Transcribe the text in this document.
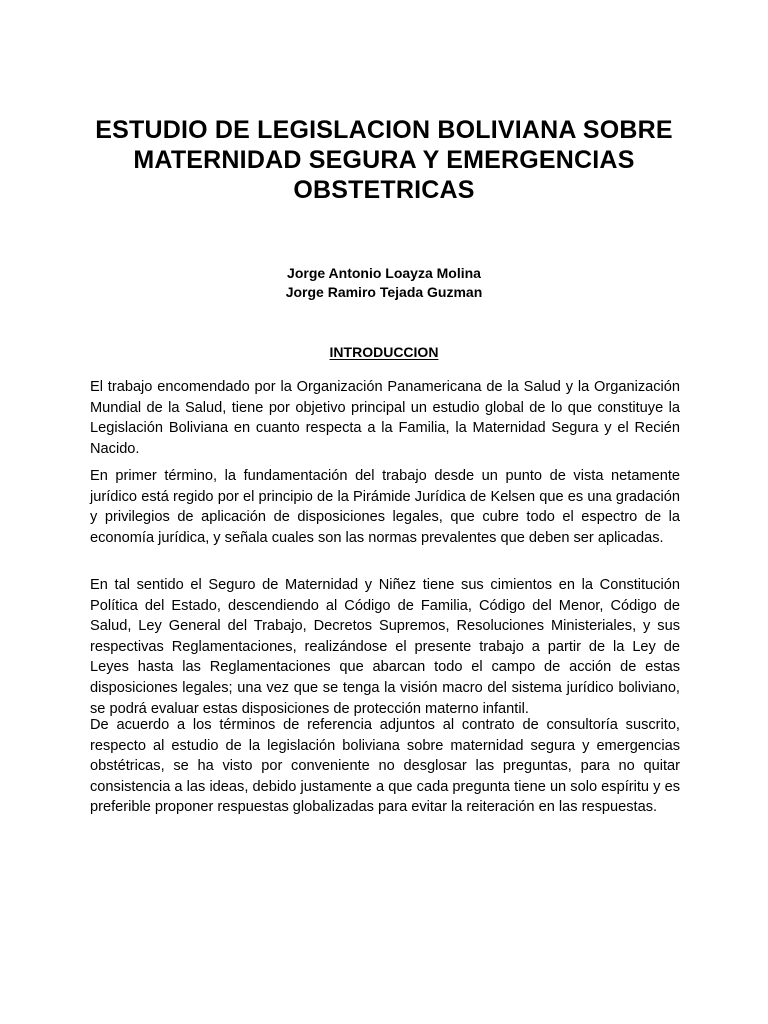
ESTUDIO DE LEGISLACION BOLIVIANA SOBRE
MATERNIDAD SEGURA Y EMERGENCIAS
OBSTETRICAS
Jorge Antonio Loayza Molina
Jorge Ramiro Tejada Guzman
INTRODUCCION

El trabajo encomendado por la Organización Panamericana de la Salud y la Organización Mundial de la Salud, tiene por objetivo principal un estudio global de lo que constituye la Legislación Boliviana en cuanto respecta a la Familia, la Maternidad Segura y el Recién Nacido.

En primer término, la fundamentación del trabajo desde un punto de vista netamente jurídico está regido por el principio de la Pirámide Jurídica de Kelsen que es una gradación y privilegios de aplicación de disposiciones legales, que cubre todo el espectro de la economía jurídica, y señala cuales son las normas prevalentes que deben ser aplicadas.

En tal sentido el Seguro de Maternidad y Niñez tiene sus cimientos en la Constitución Política del Estado, descendiendo al Código de Familia, Código del Menor, Código de Salud, Ley General del Trabajo, Decretos Supremos, Resoluciones Ministeriales, y sus respectivas Reglamentaciones, realizándose el presente trabajo a partir de la Ley de Leyes hasta las Reglamentaciones que abarcan todo el campo de acción de estas disposiciones legales; una vez que se tenga la visión macro del sistema jurídico boliviano, se podrá evaluar estas disposiciones de protección materno infantil.

De acuerdo a los términos de referencia adjuntos al contrato de consultoría suscrito, respecto al estudio de la legislación boliviana sobre maternidad segura y emergencias obstétricas, se ha visto por conveniente no desglosar las preguntas, para no quitar consistencia a las ideas, debido justamente a que cada pregunta tiene un solo espíritu y es preferible proponer respuestas globalizadas para evitar la reiteración en las respuestas.
